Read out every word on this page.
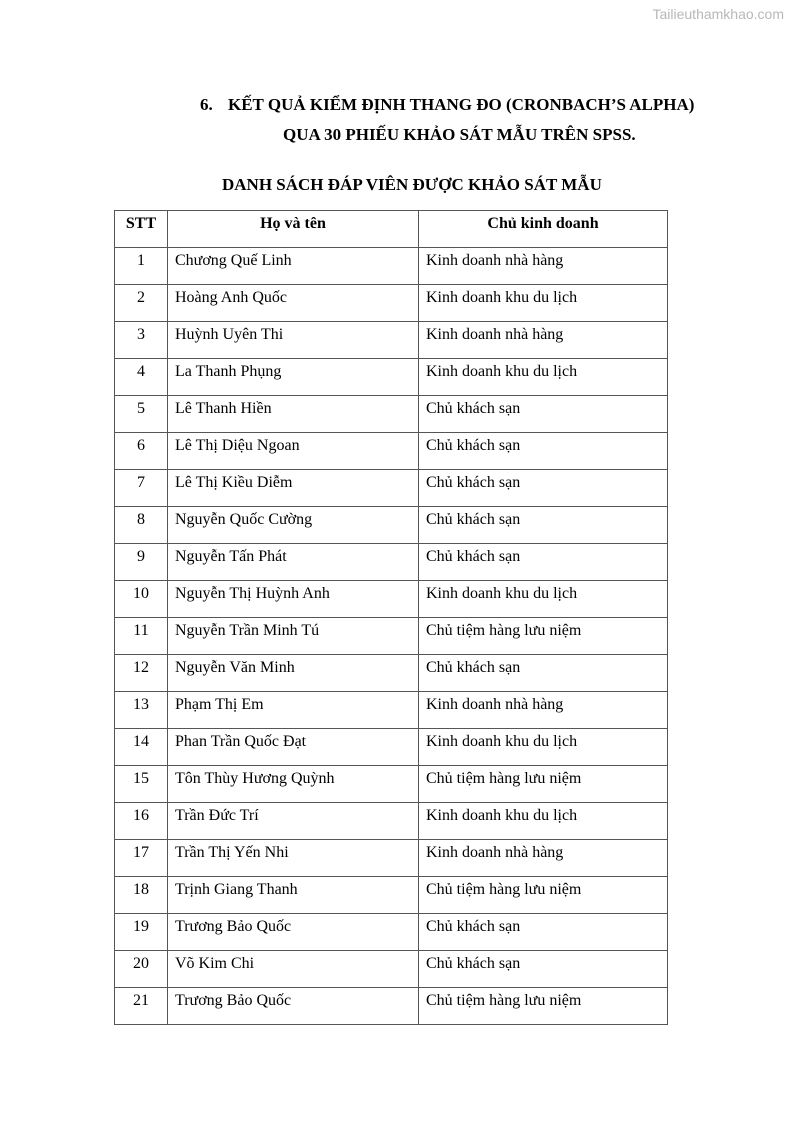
Tailieuthamkhao.com
6. KẾT QUẢ KIỂM ĐỊNH THANG ĐO (CRONBACH’S ALPHA)
QUA 30 PHIẾU KHẢO SÁT MẪU TRÊN SPSS.
DANH SÁCH ĐÁP VIÊN ĐƯỢC KHẢO SÁT MẪU
STT	Họ và tên	Chủ kinh doanh
1	Chương Quế Linh	Kinh doanh nhà hàng
2	Hoàng Anh Quốc	Kinh doanh khu du lịch
3	Huỳnh Uyên Thi	Kinh doanh nhà hàng
4	La Thanh Phụng	Kinh doanh khu du lịch
5	Lê Thanh Hiền	Chủ khách sạn
6	Lê Thị Diệu Ngoan	Chủ khách sạn
7	Lê Thị Kiều Diễm	Chủ khách sạn
8	Nguyễn Quốc Cường	Chủ khách sạn
9	Nguyễn Tấn Phát	Chủ khách sạn
10	Nguyễn Thị Huỳnh Anh	Kinh doanh khu du lịch
11	Nguyễn Trần Minh Tú	Chủ tiệm hàng lưu niệm
12	Nguyễn Văn Minh	Chủ khách sạn
13	Phạm Thị Em	Kinh doanh nhà hàng
14	Phan Trần Quốc Đạt	Kinh doanh khu du lịch
15	Tôn Thùy Hương Quỳnh	Chủ tiệm hàng lưu niệm
16	Trần Đức Trí	Kinh doanh khu du lịch
17	Trần Thị Yến Nhi	Kinh doanh nhà hàng
18	Trịnh Giang Thanh	Chủ tiệm hàng lưu niệm
19	Trương Bảo Quốc	Chủ khách sạn
20	Võ Kim Chi	Chủ khách sạn
21	Trương Bảo Quốc	Chủ tiệm hàng lưu niệm
